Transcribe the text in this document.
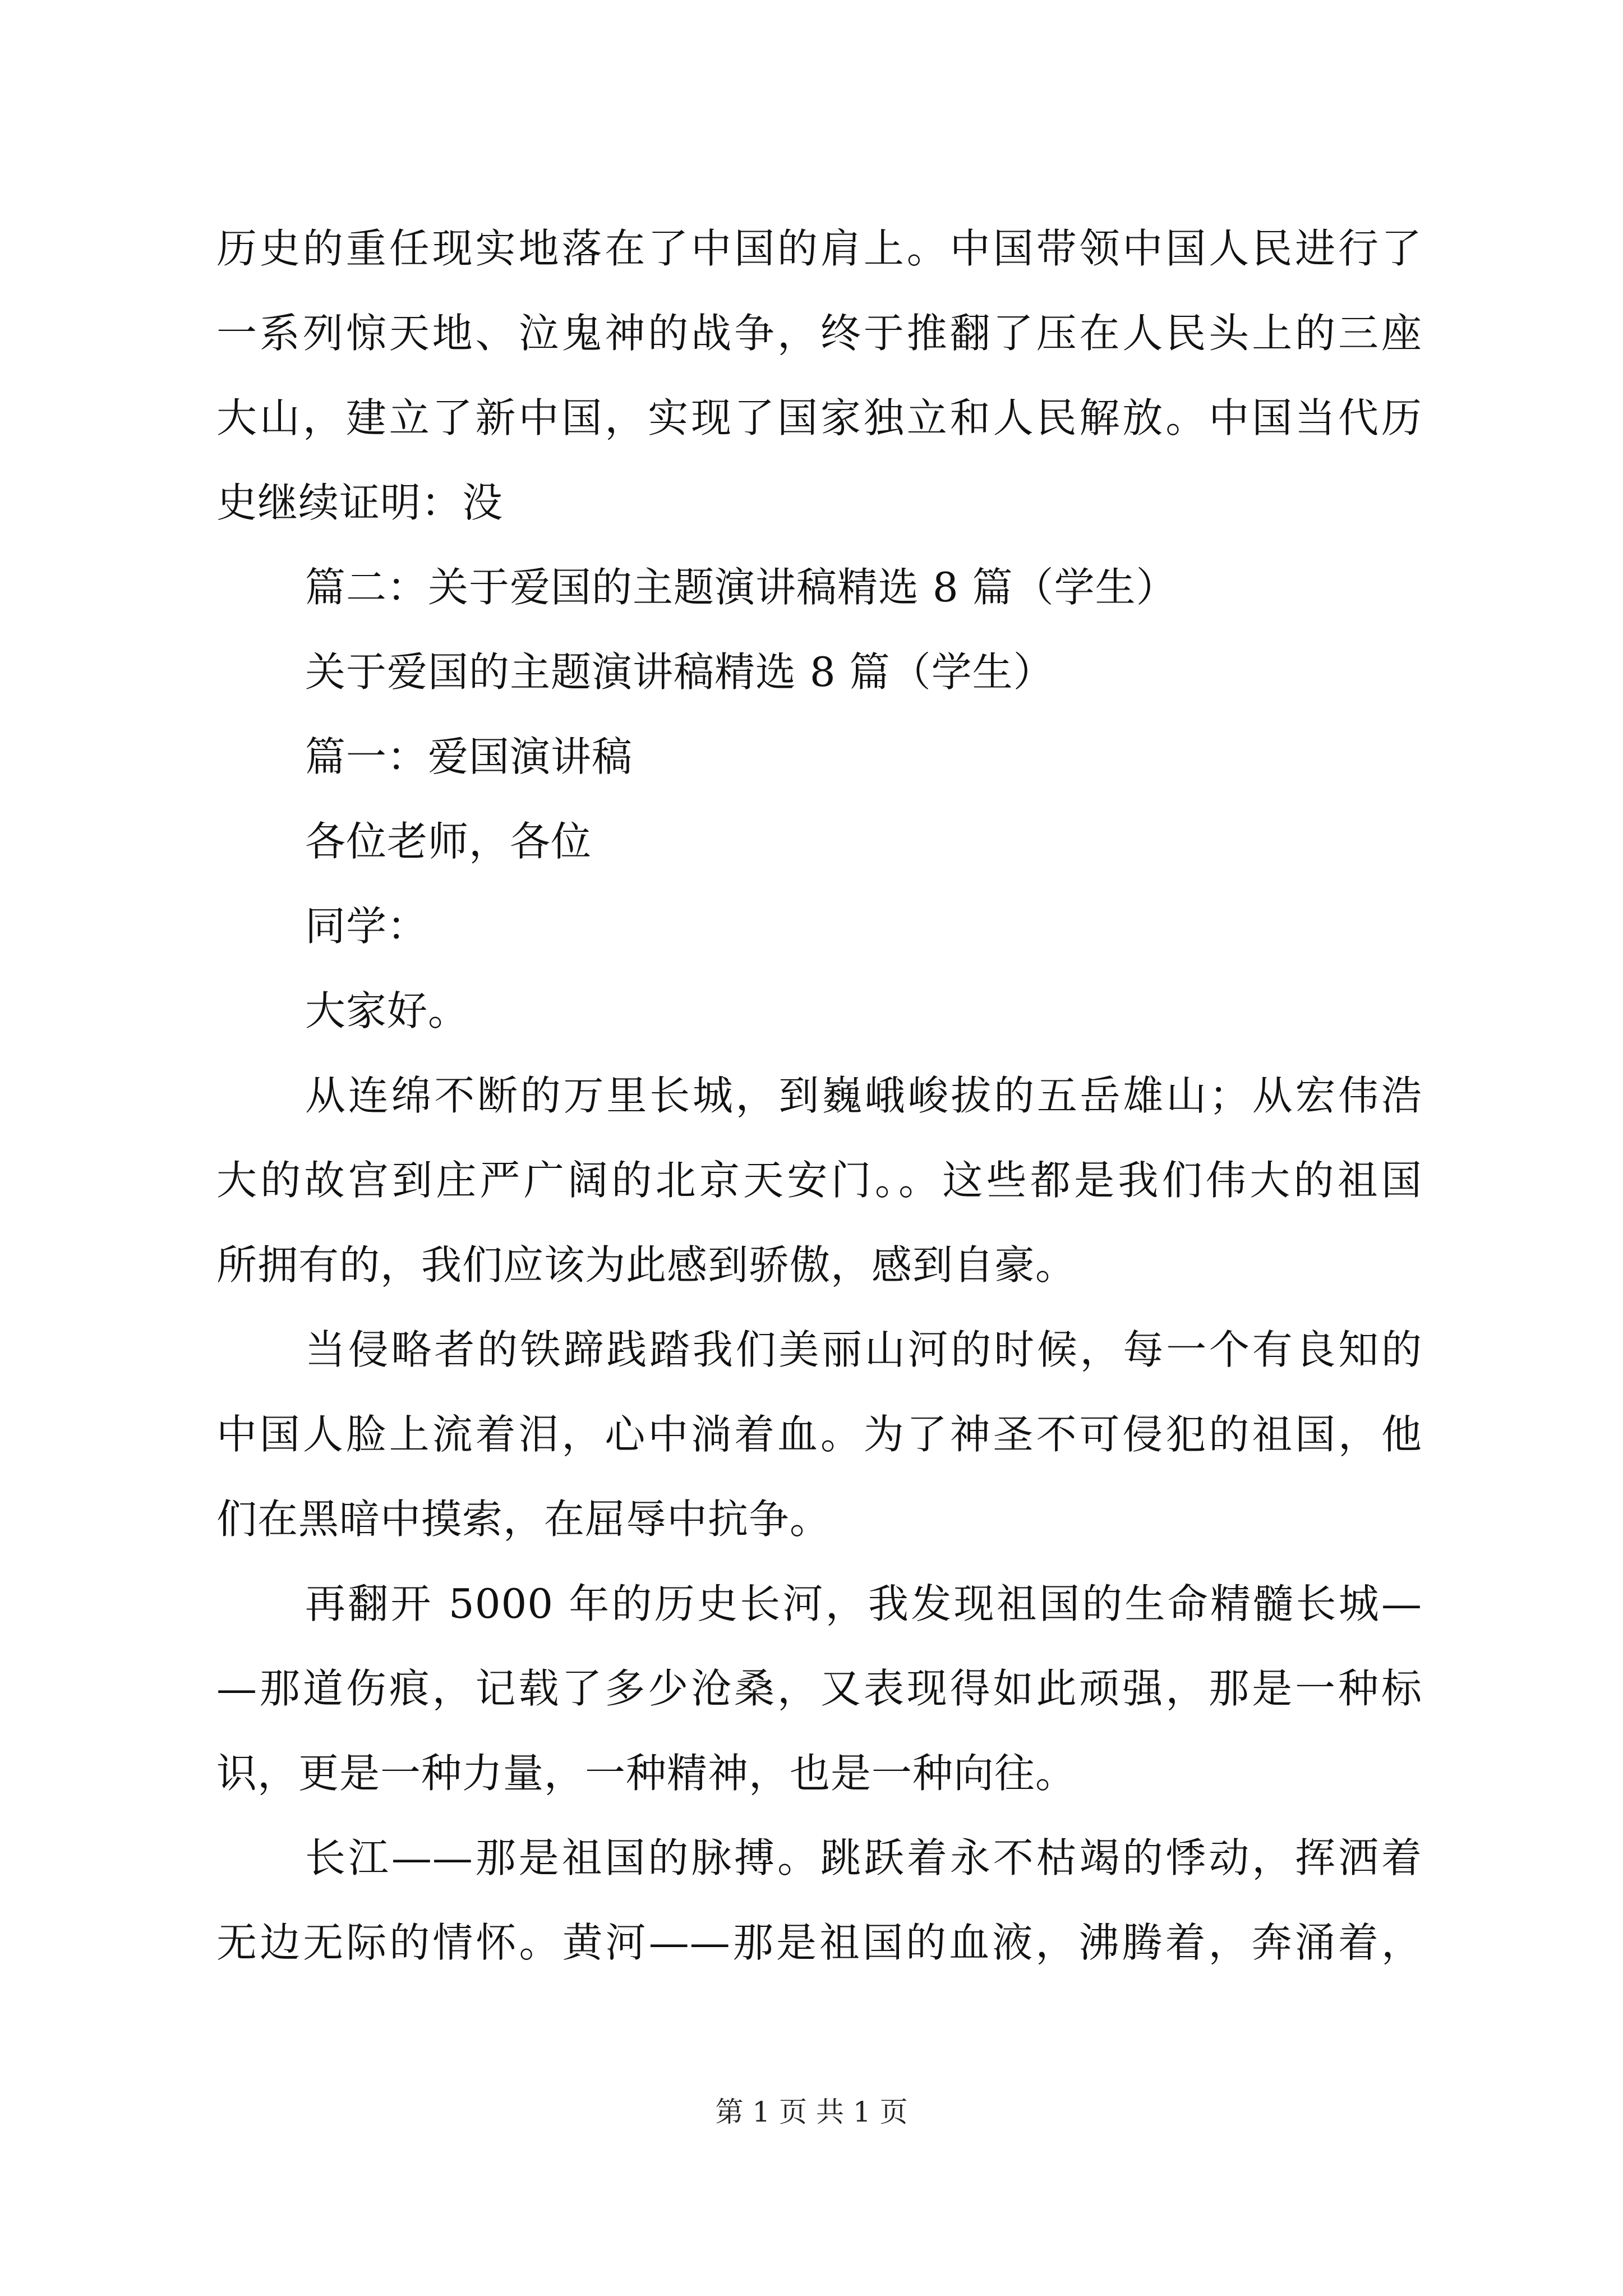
历史的重任现实地落在了中国的肩上。中国带领中国人民进行了
一系列惊天地、泣鬼神的战争，终于推翻了压在人民头上的三座
大山，建立了新中国，实现了国家独立和人民解放。中国当代历
史继续证明：没
篇二：关于爱国的主题演讲稿精选 8 篇（学生）
关于爱国的主题演讲稿精选 8 篇（学生）
篇一：爱国演讲稿
各位老师，各位
同学：
大家好。
从连绵不断的万里长城，到巍峨峻拔的五岳雄山；从宏伟浩
大的故宫到庄严广阔的北京天安门。。这些都是我们伟大的祖国
所拥有的，我们应该为此感到骄傲，感到自豪。
当侵略者的铁蹄践踏我们美丽山河的时候，每一个有良知的
中国人脸上流着泪，心中淌着血。为了神圣不可侵犯的祖国，他
们在黑暗中摸索，在屈辱中抗争。
再翻开 5000 年的历史长河，我发现祖国的生命精髓长城—
—那道伤痕，记载了多少沧桑，又表现得如此顽强，那是一种标
识，更是一种力量，一种精神，也是一种向往。
长江——那是祖国的脉搏。跳跃着永不枯竭的悸动，挥洒着
无边无际的情怀。黄河——那是祖国的血液，沸腾着，奔涌着，
第 1 页 共 1 页
